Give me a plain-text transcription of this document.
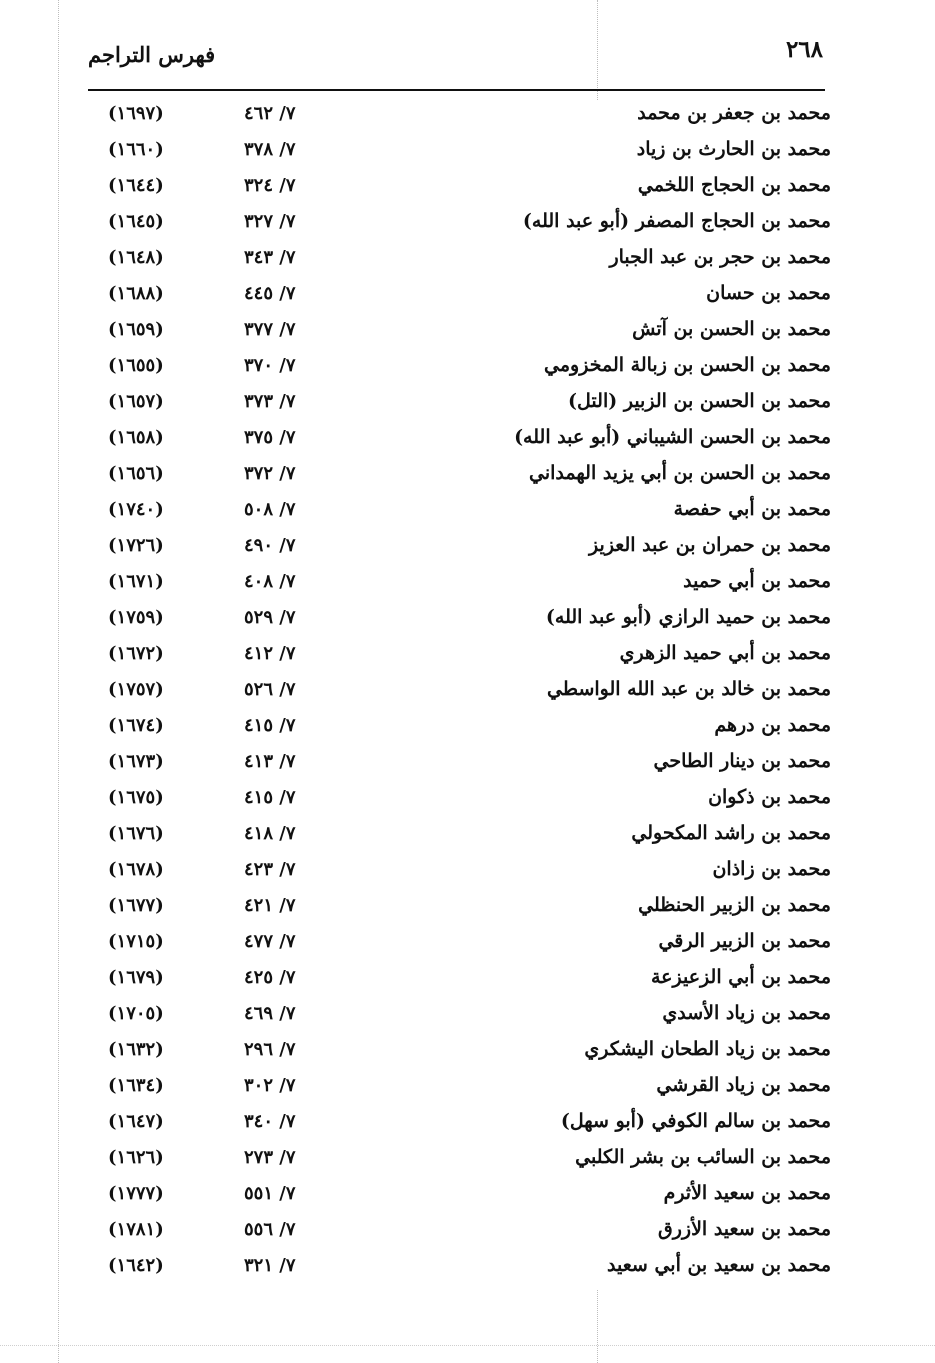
٢٦٨
فهرس التراجم
محمد بن جعفر بن محمد
٧/ ٤٦٢
(١٦٩٧)
محمد بن الحارث بن زياد
٧/ ٣٧٨
(١٦٦٠)
محمد بن الحجاج اللخمي
٧/ ٣٢٤
(١٦٤٤)
محمد بن الحجاج المصفر (أبو عبد الله)
٧/ ٣٢٧
(١٦٤٥)
محمد بن حجر بن عبد الجبار
٧/ ٣٤٣
(١٦٤٨)
محمد بن حسان
٧/ ٤٤٥
(١٦٨٨)
محمد بن الحسن بن آتش
٧/ ٣٧٧
(١٦٥٩)
محمد بن الحسن بن زبالة المخزومي
٧/ ٣٧٠
(١٦٥٥)
محمد بن الحسن بن الزبير (التل)
٧/ ٣٧٣
(١٦٥٧)
محمد بن الحسن الشيباني (أبو عبد الله)
٧/ ٣٧٥
(١٦٥٨)
محمد بن الحسن بن أبي يزيد الهمداني
٧/ ٣٧٢
(١٦٥٦)
محمد بن أبي حفصة
٧/ ٥٠٨
(١٧٤٠)
محمد بن حمران بن عبد العزيز
٧/ ٤٩٠
(١٧٢٦)
محمد بن أبي حميد
٧/ ٤٠٨
(١٦٧١)
محمد بن حميد الرازي (أبو عبد الله)
٧/ ٥٢٩
(١٧٥٩)
محمد بن أبي حميد الزهري
٧/ ٤١٢
(١٦٧٢)
محمد بن خالد بن عبد الله الواسطي
٧/ ٥٢٦
(١٧٥٧)
محمد بن درهم
٧/ ٤١٥
(١٦٧٤)
محمد بن دينار الطاحي
٧/ ٤١٣
(١٦٧٣)
محمد بن ذكوان
٧/ ٤١٥
(١٦٧٥)
محمد بن راشد المكحولي
٧/ ٤١٨
(١٦٧٦)
محمد بن زاذان
٧/ ٤٢٣
(١٦٧٨)
محمد بن الزبير الحنظلي
٧/ ٤٢١
(١٦٧٧)
محمد بن الزبير الرقي
٧/ ٤٧٧
(١٧١٥)
محمد بن أبي الزعيزعة
٧/ ٤٢٥
(١٦٧٩)
محمد بن زياد الأسدي
٧/ ٤٦٩
(١٧٠٥)
محمد بن زياد الطحان اليشكري
٧/ ٢٩٦
(١٦٣٢)
محمد بن زياد القرشي
٧/ ٣٠٢
(١٦٣٤)
محمد بن سالم الكوفي (أبو سهل)
٧/ ٣٤٠
(١٦٤٧)
محمد بن السائب بن بشر الكلبي
٧/ ٢٧٣
(١٦٢٦)
محمد بن سعيد الأثرم
٧/ ٥٥١
(١٧٧٧)
محمد بن سعيد الأزرق
٧/ ٥٥٦
(١٧٨١)
محمد بن سعيد بن أبي سعيد
٧/ ٣٢١
(١٦٤٢)
